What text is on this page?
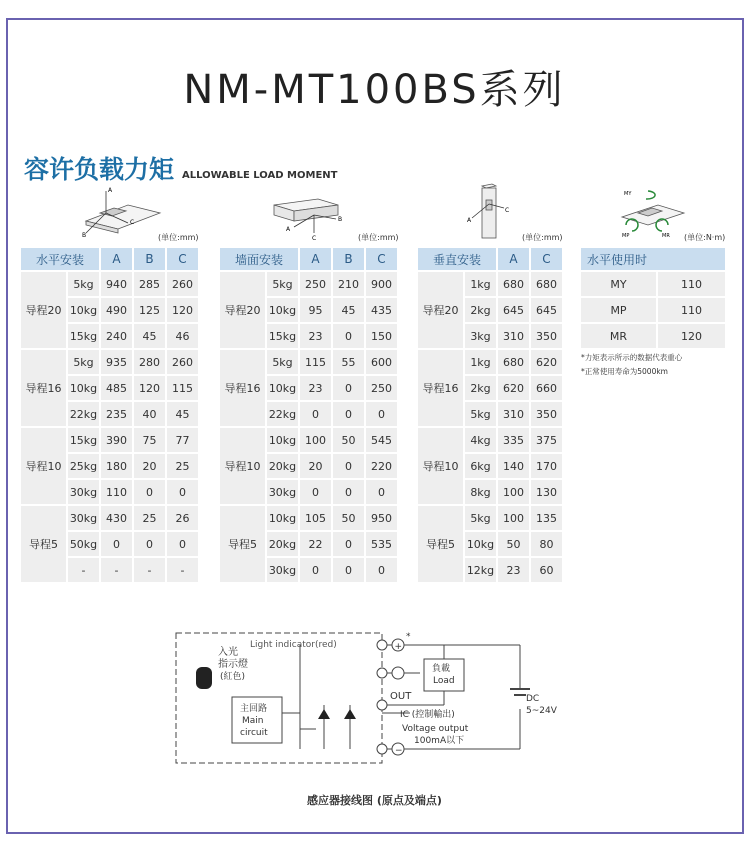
NM-MT100BS系列
容许负载力矩 ALLOWABLE LOAD MOMENT
A
C
B	(单位:mm)	C
B
A
(单位:mm)
C
A
(单位:mm)
MY
MP	MR (单位:N·m)
水平安装		A	B	C
导程20	5kg	940	285	260
	10kg	490	125	120
	15kg	240	45	46
导程16	5kg	935	280	260
	10kg	485	120	115
	22kg	235	40	45
导程10	15kg	390	75	77
	25kg	180	20	25
	30kg	110	0	0
导程5	30kg	430	25	26
	50kg	0	0	0
	-	-	-	-
墙面安装		A	B	C
导程20	5kg	250	210	900
	10kg	95	45	435
	15kg	23	0	150
导程16	5kg	115	55	600
	10kg	23	0	250
	22kg	0	0	0
导程10	10kg	100	50	545
	20kg	20	0	220
	30kg	0	0	0
导程5	10kg	105	50	950
	20kg	22	0	535
	30kg	0	0	0
垂直安装		A	C
导程20	1kg	680	680
	2kg	645	645
	3kg	310	350
导程16	1kg	680	620
	2kg	620	660
	5kg	310	350
导程10	4kg	335	375
	6kg	140	170
	8kg	100	130
导程5	5kg	100	135
	10kg	50	80
	12kg	23	60
水平使用时	
MY	110
MP	110
MR	120
*力矩表示所示的数据代表重心
*正常使用寿命为5000km
+
−
*
Light indicator(red)
入光
指示燈
(紅色)
主回路
Main
circuit
OUT
IC (控制輸出)
Voltage output
100mA以下
負載
Load
DC
5~24V
感应器接线图 (原点及端点)
